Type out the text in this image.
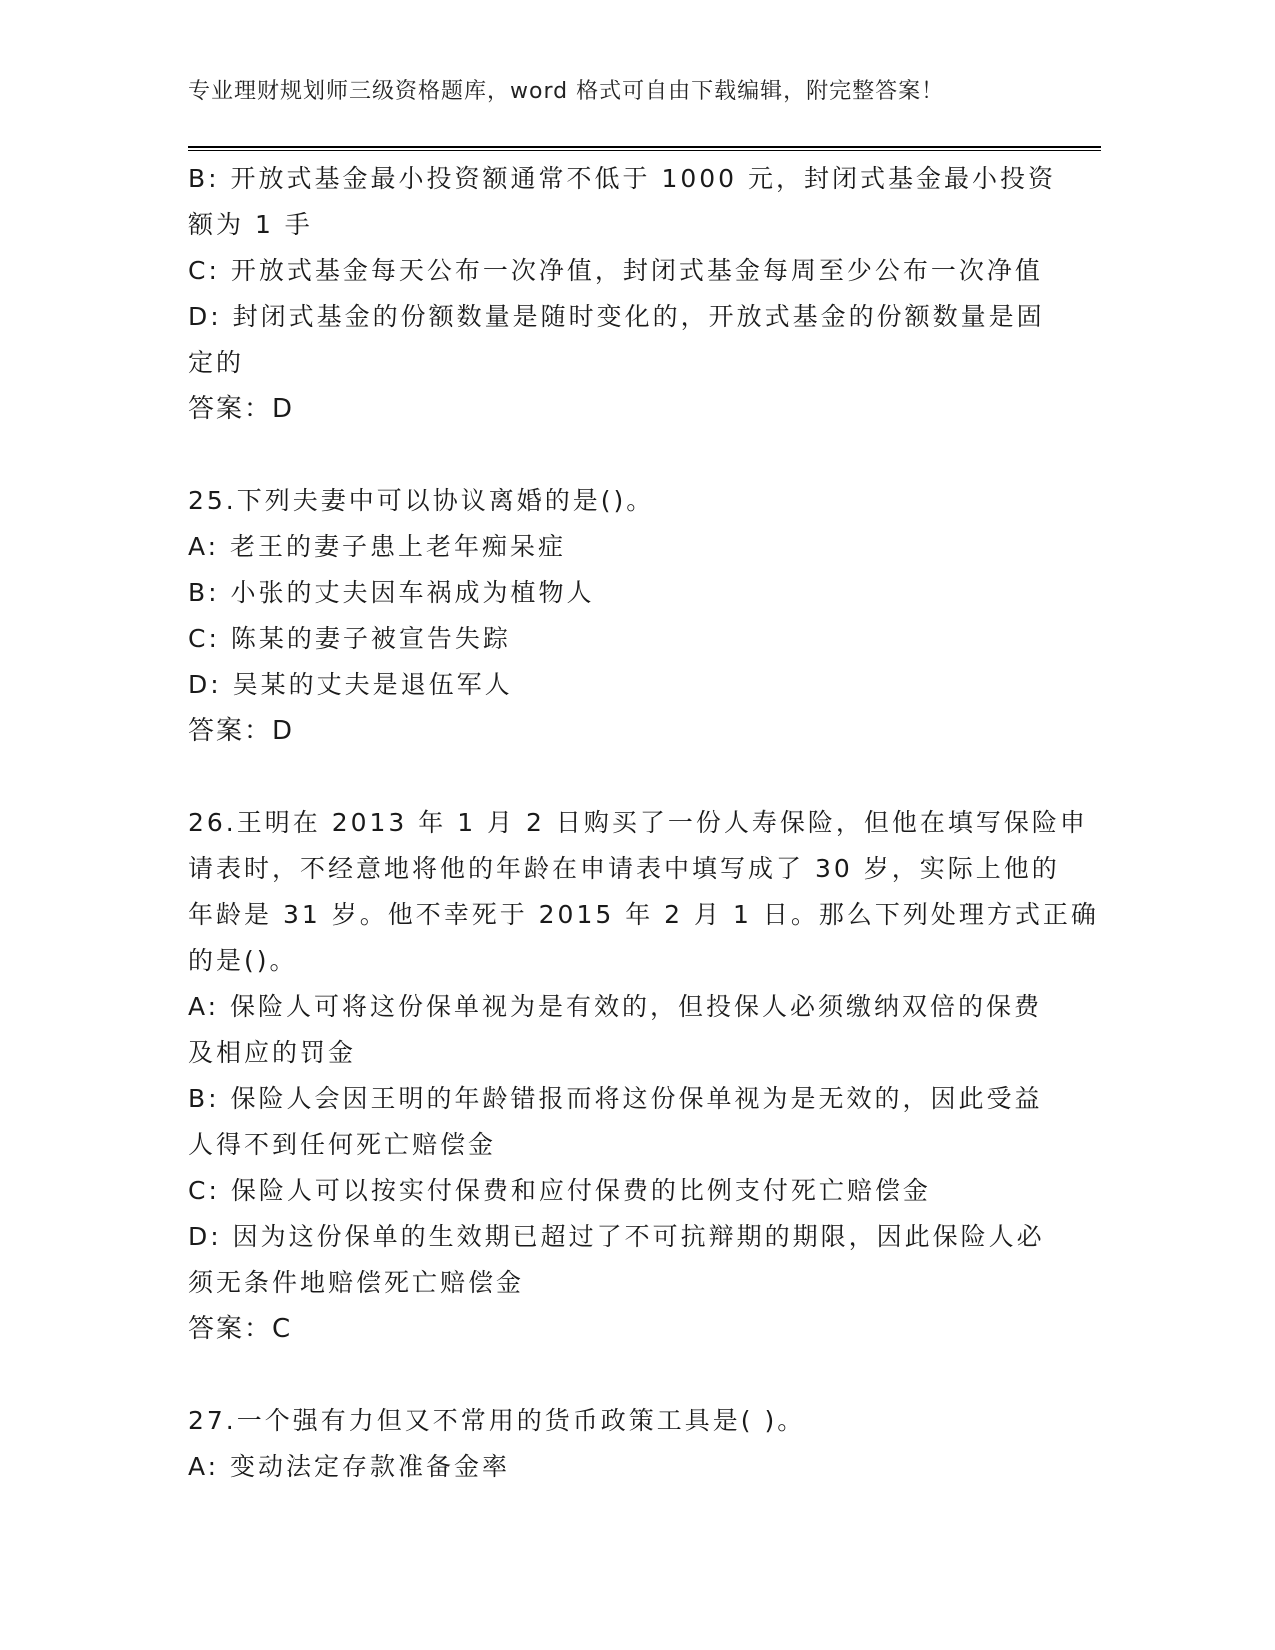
专业理财规划师三级资格题库，word 格式可自由下载编辑，附完整答案！
B: 开放式基金最小投资额通常不低于 1000 元，封闭式基金最小投资
额为 1 手
C: 开放式基金每天公布一次净值，封闭式基金每周至少公布一次净值
D: 封闭式基金的份额数量是随时变化的，开放式基金的份额数量是固
定的
答案：D
25.下列夫妻中可以协议离婚的是()。
A: 老王的妻子患上老年痴呆症
B: 小张的丈夫因车祸成为植物人
C: 陈某的妻子被宣告失踪
D: 吴某的丈夫是退伍军人
答案：D
26.王明在 2013 年 1 月 2 日购买了一份人寿保险，但他在填写保险申
请表时，不经意地将他的年龄在申请表中填写成了 30 岁，实际上他的
年龄是 31 岁。他不幸死于 2015 年 2 月 1 日。那么下列处理方式正确
的是()。
A: 保险人可将这份保单视为是有效的，但投保人必须缴纳双倍的保费
及相应的罚金
B: 保险人会因王明的年龄错报而将这份保单视为是无效的，因此受益
人得不到任何死亡赔偿金
C: 保险人可以按实付保费和应付保费的比例支付死亡赔偿金
D: 因为这份保单的生效期已超过了不可抗辩期的期限，因此保险人必
须无条件地赔偿死亡赔偿金
答案：C
27.一个强有力但又不常用的货币政策工具是( )。
A: 变动法定存款准备金率
